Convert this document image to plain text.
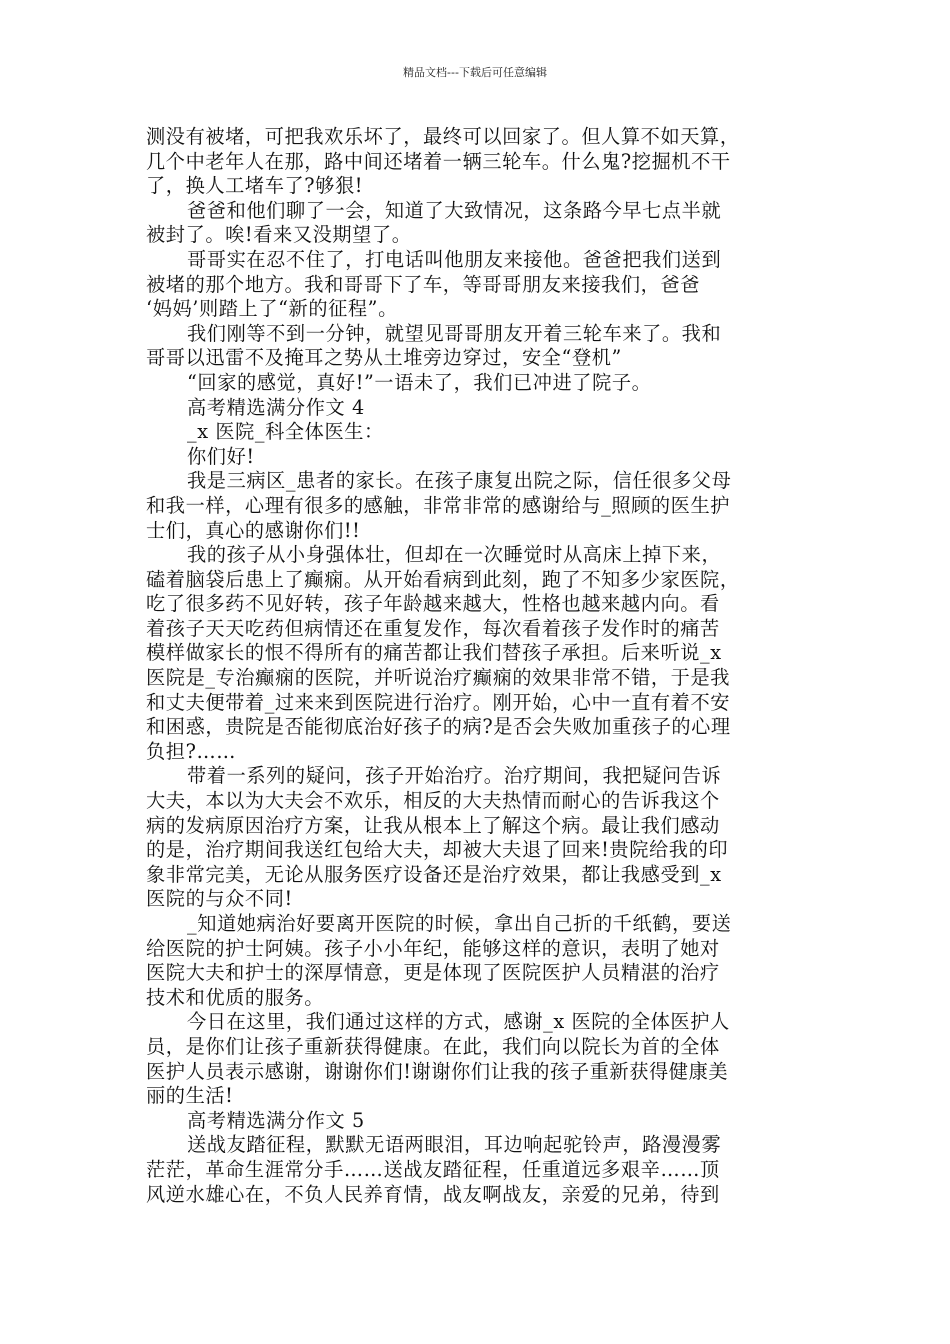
精品文档---下载后可任意编辑
测没有被堵，可把我欢乐坏了，最终可以回家了。但人算不如天算，
几个中老年人在那，路中间还堵着一辆三轮车。什么鬼?挖掘机不干
了，换人工堵车了?够狠!
爸爸和他们聊了一会，知道了大致情况，这条路今早七点半就
被封了。唉!看来又没期望了。
哥哥实在忍不住了，打电话叫他朋友来接他。爸爸把我们送到
被堵的那个地方。我和哥哥下了车，等哥哥朋友来接我们，爸爸
‘妈妈’则踏上了“新的征程”。
我们刚等不到一分钟，就望见哥哥朋友开着三轮车来了。我和
哥哥以迅雷不及掩耳之势从土堆旁边穿过，安全“登机”
“回家的感觉，真好!”一语未了，我们已冲进了院子。
高考精选满分作文 4
_x 医院_科全体医生：
你们好!
我是三病区_患者的家长。在孩子康复出院之际，信任很多父母
和我一样，心理有很多的感触，非常非常的感谢给与_照顾的医生护
士们，真心的感谢你们!!
我的孩子从小身强体壮，但却在一次睡觉时从高床上掉下来，
磕着脑袋后患上了癫痫。从开始看病到此刻，跑了不知多少家医院，
吃了很多药不见好转，孩子年龄越来越大，性格也越来越内向。看
着孩子天天吃药但病情还在重复发作，每次看着孩子发作时的痛苦
模样做家长的恨不得所有的痛苦都让我们替孩子承担。后来听说_x
医院是_专治癫痫的医院，并听说治疗癫痫的效果非常不错，于是我
和丈夫便带着_过来来到医院进行治疗。刚开始，心中一直有着不安
和困惑，贵院是否能彻底治好孩子的病?是否会失败加重孩子的心理
负担?……
带着一系列的疑问，孩子开始治疗。治疗期间，我把疑问告诉
大夫，本以为大夫会不欢乐，相反的大夫热情而耐心的告诉我这个
病的发病原因治疗方案，让我从根本上了解这个病。最让我们感动
的是，治疗期间我送红包给大夫，却被大夫退了回来!贵院给我的印
象非常完美，无论从服务医疗设备还是治疗效果，都让我感受到_x
医院的与众不同!
_知道她病治好要离开医院的时候，拿出自己折的千纸鹤，要送
给医院的护士阿姨。孩子小小年纪，能够这样的意识，表明了她对
医院大夫和护士的深厚情意，更是体现了医院医护人员精湛的治疗
技术和优质的服务。
今日在这里，我们通过这样的方式，感谢_x 医院的全体医护人
员，是你们让孩子重新获得健康。在此，我们向以院长为首的全体
医护人员表示感谢，谢谢你们!谢谢你们让我的孩子重新获得健康美
丽的生活!
高考精选满分作文 5
送战友踏征程，默默无语两眼泪，耳边响起驼铃声，路漫漫雾
茫茫，革命生涯常分手……送战友踏征程，任重道远多艰辛……顶
风逆水雄心在，不负人民养育情，战友啊战友，亲爱的兄弟，待到
